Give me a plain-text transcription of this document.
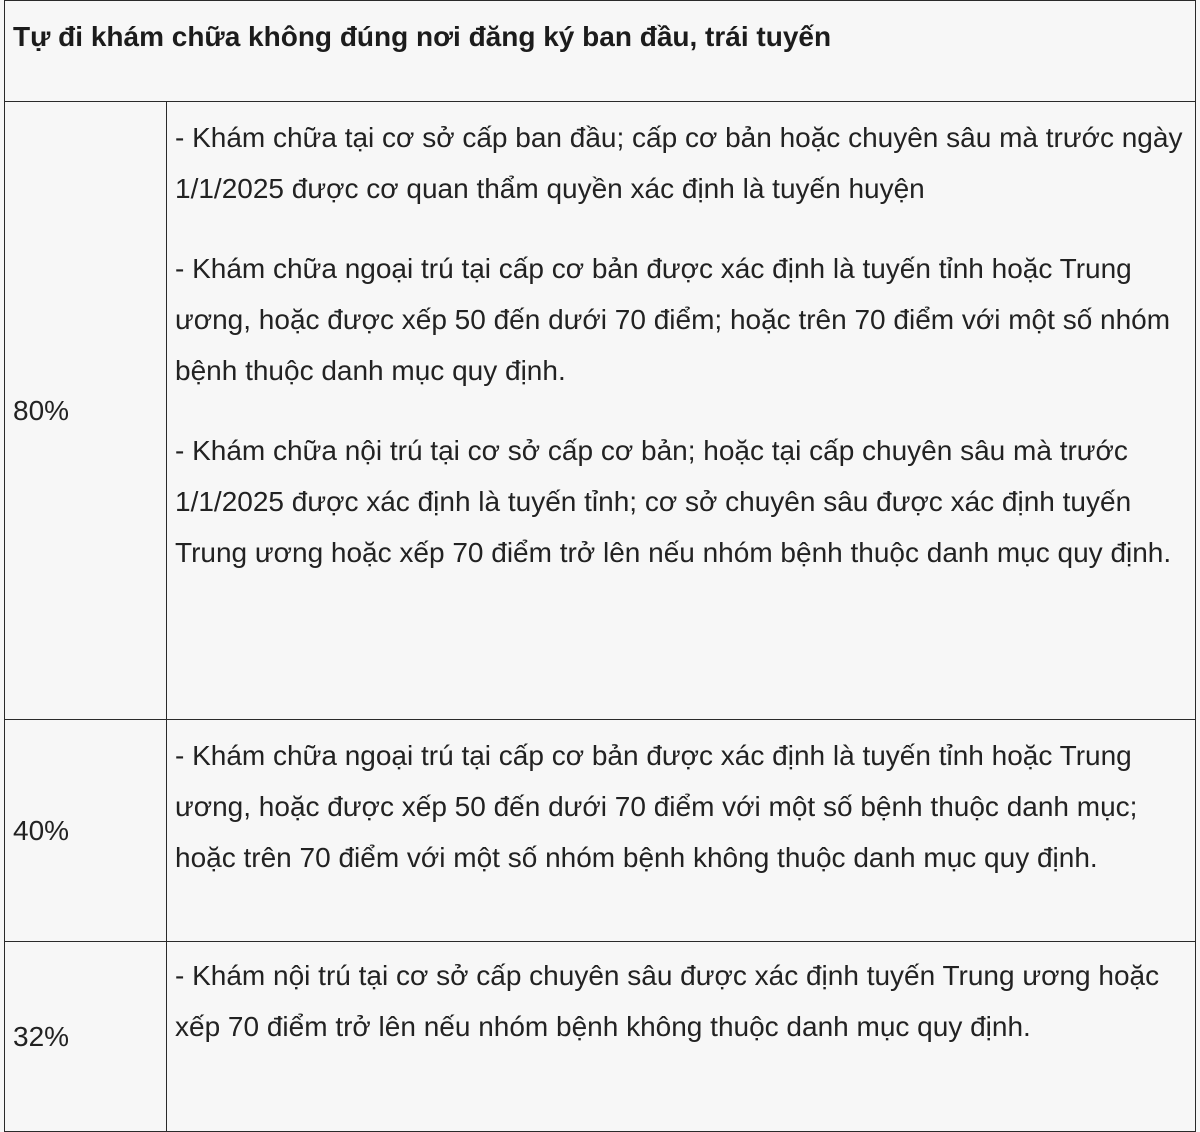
Tự đi khám chữa không đúng nơi đăng ký ban đầu, trái tuyến	

80%	- Khám chữa tại cơ sở cấp ban đầu; cấp cơ bản hoặc chuyên sâu mà trước ngày 1/1/2025 được cơ quan thẩm quyền xác định là tuyến huyện

- Khám chữa ngoại trú tại cấp cơ bản được xác định là tuyến tỉnh hoặc Trung ương, hoặc được xếp 50 đến dưới 70 điểm; hoặc trên 70 điểm với một số nhóm bệnh thuộc danh mục quy định.

- Khám chữa nội trú tại cơ sở cấp cơ bản; hoặc tại cấp chuyên sâu mà trước 1/1/2025 được xác định là tuyến tỉnh; cơ sở chuyên sâu được xác định tuyến Trung ương hoặc xếp 70 điểm trở lên nếu nhóm bệnh thuộc danh mục quy định.

40%	- Khám chữa ngoại trú tại cấp cơ bản được xác định là tuyến tỉnh hoặc Trung ương, hoặc được xếp 50 đến dưới 70 điểm với một số bệnh thuộc danh mục; hoặc trên 70 điểm với một số nhóm bệnh không thuộc danh mục quy định.

32%	- Khám nội trú tại cơ sở cấp chuyên sâu được xác định tuyến Trung ương hoặc xếp 70 điểm trở lên nếu nhóm bệnh không thuộc danh mục quy định.
